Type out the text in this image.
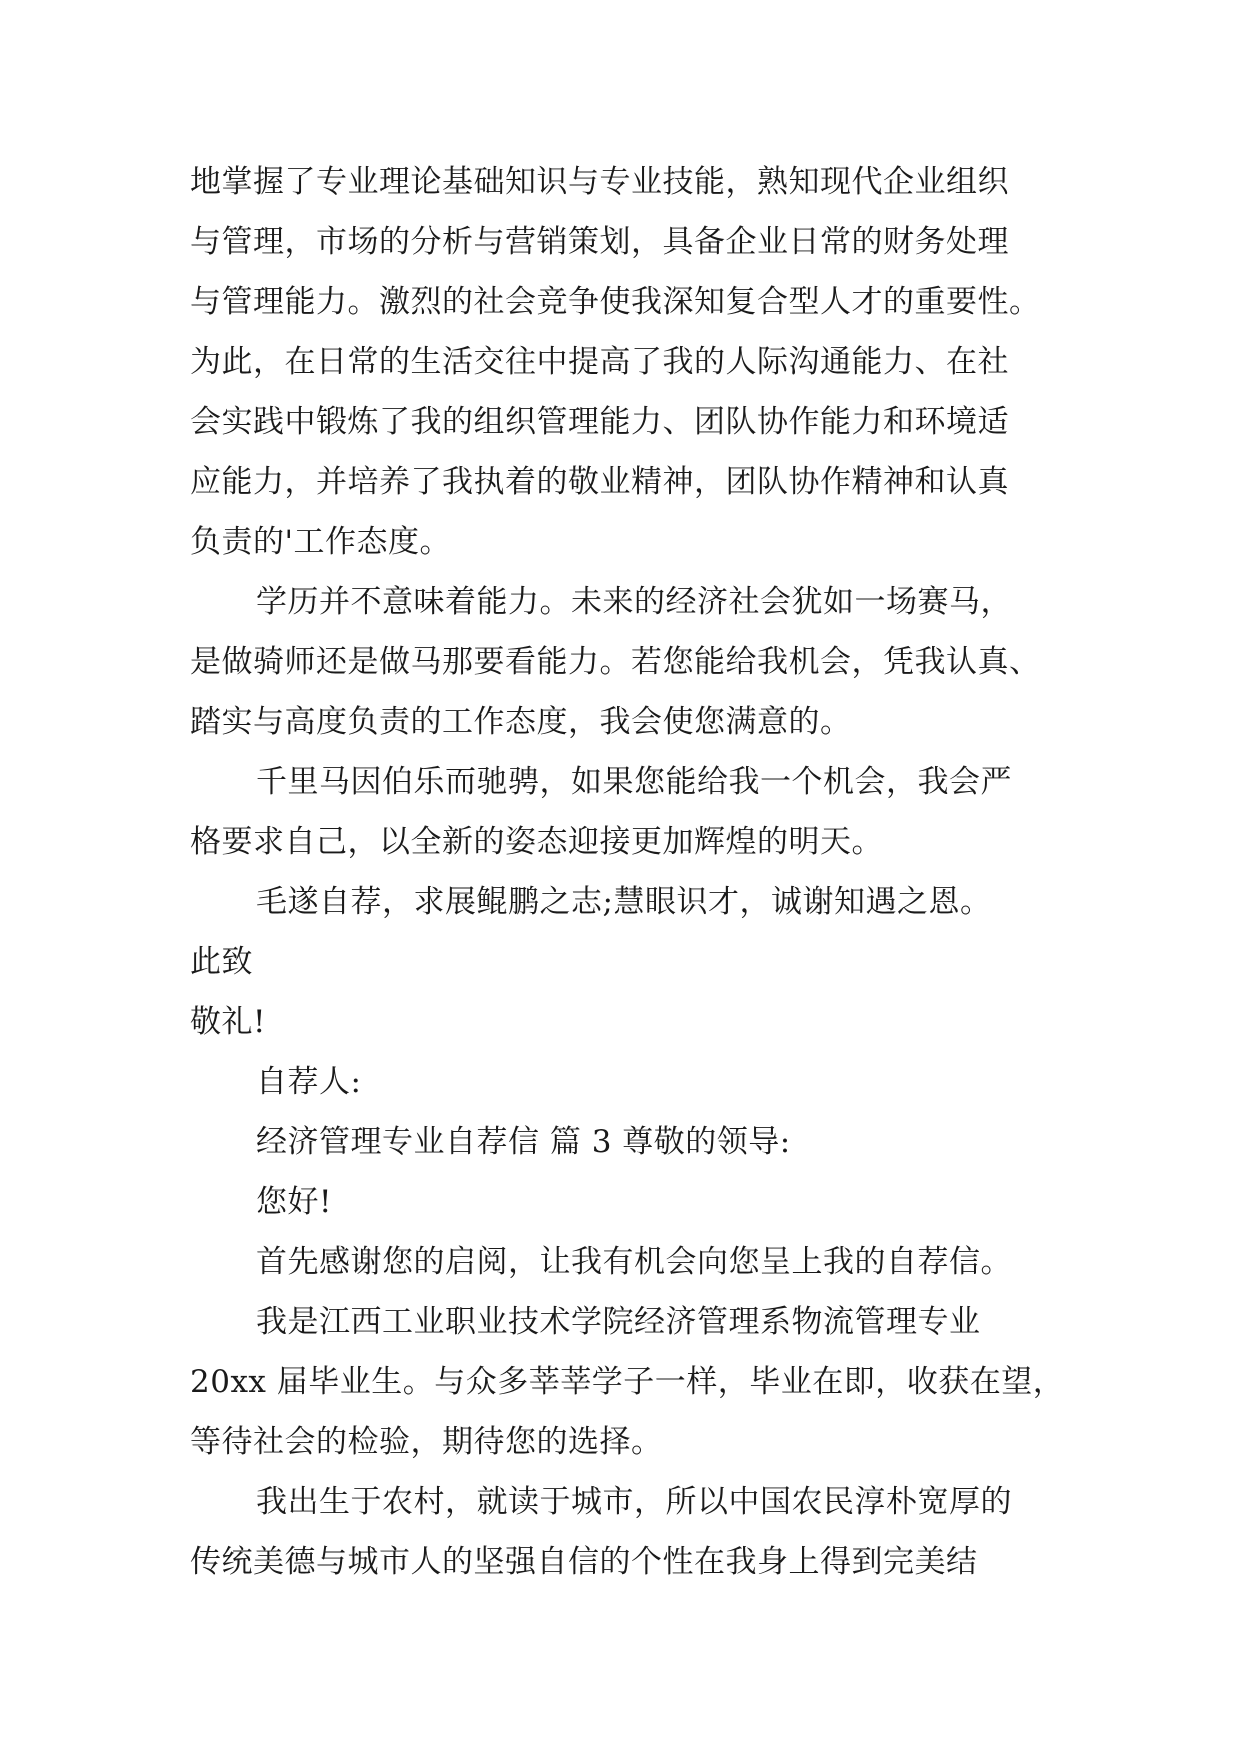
地掌握了专业理论基础知识与专业技能，熟知现代企业组织
与管理，市场的分析与营销策划，具备企业日常的财务处理
与管理能力。激烈的社会竞争使我深知复合型人才的重要性。
为此，在日常的生活交往中提高了我的人际沟通能力、在社
会实践中锻炼了我的组织管理能力、团队协作能力和环境适
应能力，并培养了我执着的敬业精神，团队协作精神和认真
负责的'工作态度。
学历并不意味着能力。未来的经济社会犹如一场赛马，
是做骑师还是做马那要看能力。若您能给我机会，凭我认真、
踏实与高度负责的工作态度，我会使您满意的。
千里马因伯乐而驰骋，如果您能给我一个机会，我会严
格要求自己，以全新的姿态迎接更加辉煌的明天。
毛遂自荐，求展鲲鹏之志;慧眼识才，诚谢知遇之恩。
此致
敬礼!
自荐人:
经济管理专业自荐信 篇 3 尊敬的领导:
您好!
首先感谢您的启阅，让我有机会向您呈上我的自荐信。
我是江西工业职业技术学院经济管理系物流管理专业
20xx 届毕业生。与众多莘莘学子一样，毕业在即，收获在望，
等待社会的检验，期待您的选择。
我出生于农村，就读于城市，所以中国农民淳朴宽厚的
传统美德与城市人的坚强自信的个性在我身上得到完美结
